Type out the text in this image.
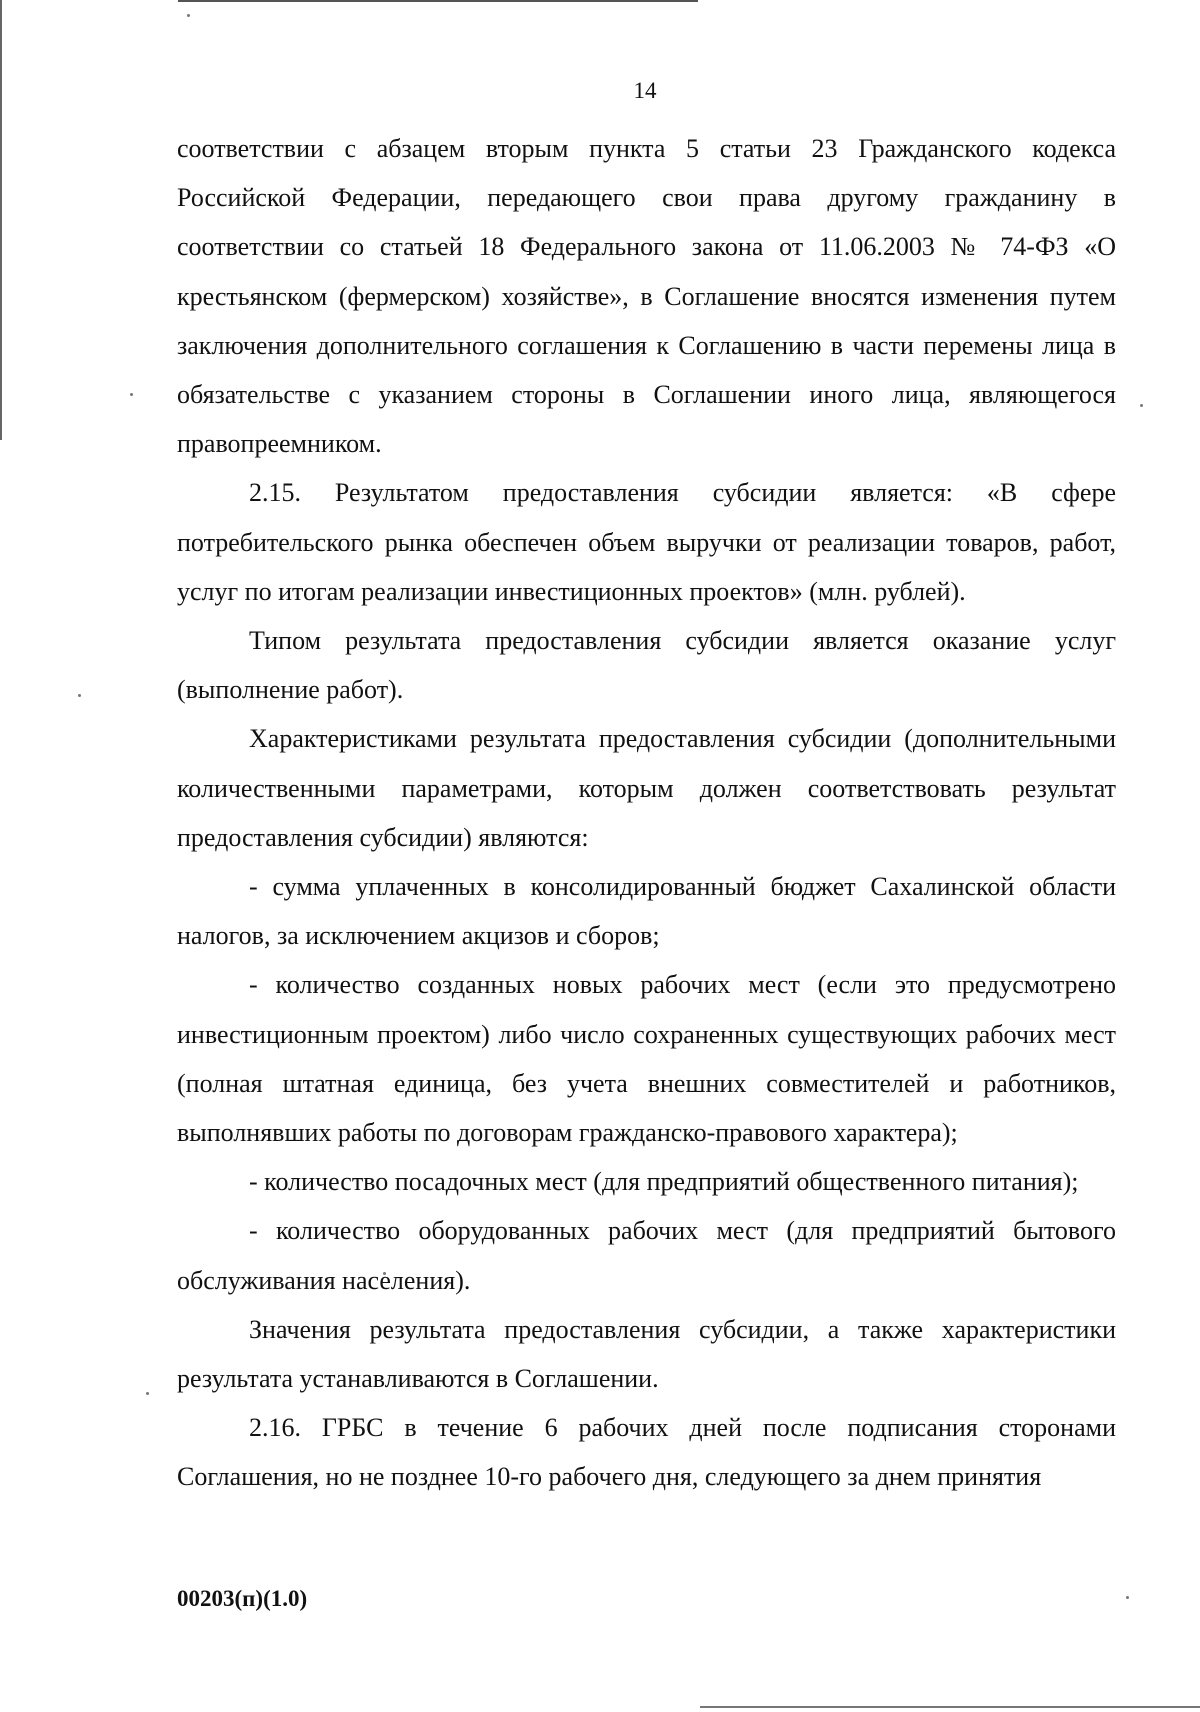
14

соответствии с абзацем вторым пункта 5 статьи 23 Гражданского кодекса Российской Федерации, передающего свои права другому гражданину в соответствии со статьей 18 Федерального закона от 11.06.2003 № 74-ФЗ «О крестьянском (фермерском) хозяйстве», в Соглашение вносятся изменения путем заключения дополнительного соглашения к Соглашению в части перемены лица в обязательстве с указанием стороны в Соглашении иного лица, являющегося правопреемником.

2.15. Результатом предоставления субсидии является: «В сфере потребительского рынка обеспечен объем выручки от реализации товаров, работ, услуг по итогам реализации инвестиционных проектов» (млн. рублей).

Типом результата предоставления субсидии является оказание услуг (выполнение работ).

Характеристиками результата предоставления субсидии (дополнительными количественными параметрами, которым должен соответствовать результат предоставления субсидии) являются:

- сумма уплаченных в консолидированный бюджет Сахалинской области налогов, за исключением акцизов и сборов;

- количество созданных новых рабочих мест (если это предусмотрено инвестиционным проектом) либо число сохраненных существующих рабочих мест (полная штатная единица, без учета внешних совместителей и работников, выполнявших работы по договорам гражданско-правового характера);

- количество посадочных мест (для предприятий общественного питания);

- количество оборудованных рабочих мест (для предприятий бытового обслуживания населения).

Значения результата предоставления субсидии, а также характеристики результата устанавливаются в Соглашении.

2.16. ГРБС в течение 6 рабочих дней после подписания сторонами Соглашения, но не позднее 10-го рабочего дня, следующего за днем принятия

00203(п)(1.0)
